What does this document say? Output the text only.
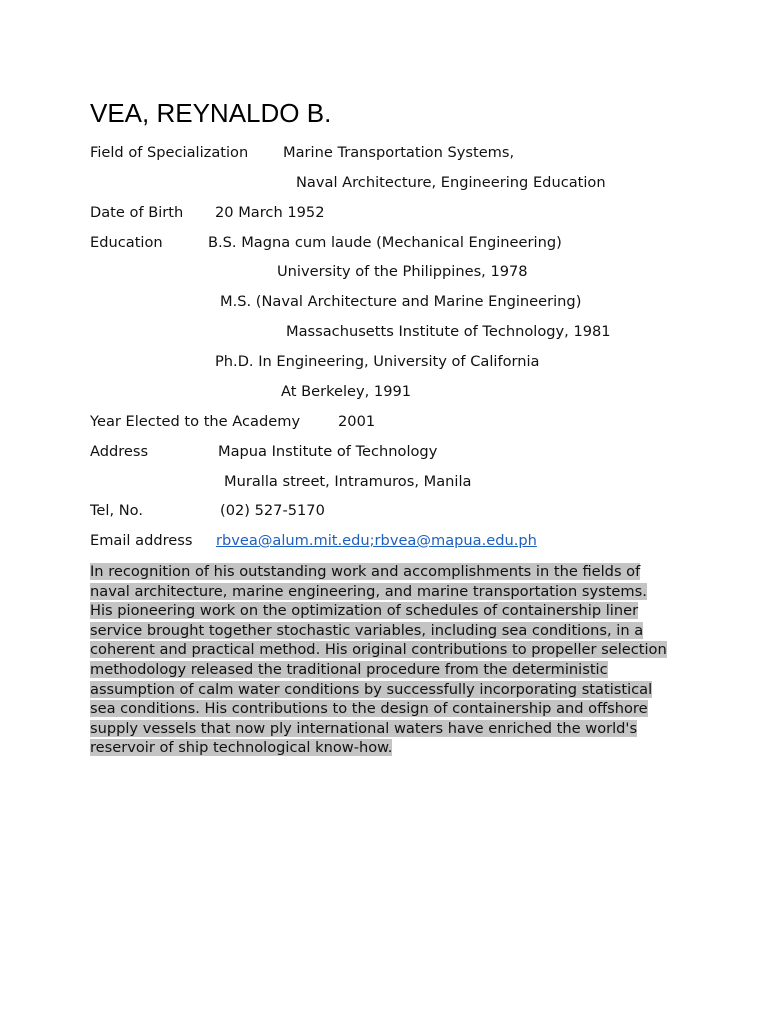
VEA, REYNALDO B.
Field of Specialization Marine Transportation Systems,
Naval Architecture, Engineering Education
Date of Birth 20 March 1952
Education	B.S. Magna cum laude (Mechanical Engineering)
University of the Philippines, 1978
M.S. (Naval Architecture and Marine Engineering)
Massachusetts Institute of Technology, 1981
Ph.D. In Engineering, University of California
At Berkeley, 1991
Year Elected to the Academy	2001
Address	Mapua Institute of Technology
Muralla street, Intramuros, Manila
Tel, No.	(02) 527-5170
Email address rbvea@alum.mit.edu;rbvea@mapua.edu.ph

In recognition of his outstanding work and accomplishments in the fields of naval architecture, marine engineering, and marine transportation systems. His pioneering work on the optimization of schedules of containership liner service brought together stochastic variables, including sea conditions, in a coherent and practical method. His original contributions to propeller selection methodology released the traditional procedure from the deterministic assumption of calm water conditions by successfully incorporating statistical sea conditions. His contributions to the design of containership and offshore supply vessels that now ply international waters have enriched the world's reservoir of ship technological know-how.
